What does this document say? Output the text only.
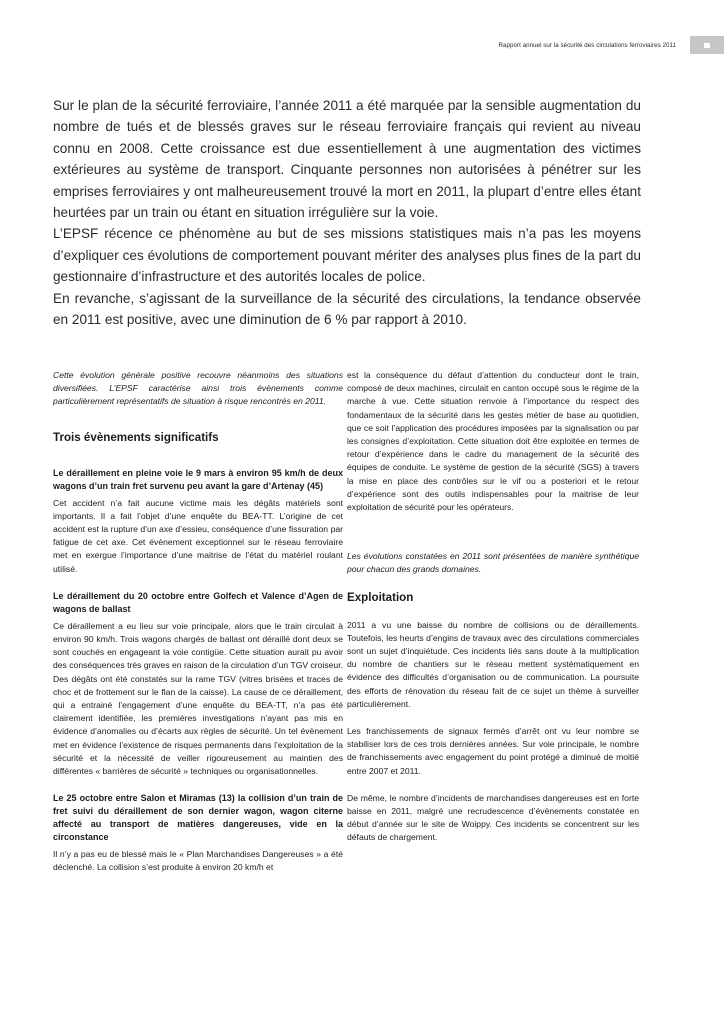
Rapport annuel sur la sécurité des circulations ferroviaires 2011

Sur le plan de la sécurité ferroviaire, l’année 2011 a été marquée par la sensible augmentation du nombre de tués et de blessés graves sur le réseau ferroviaire français qui revient au niveau connu en 2008. Cette croissance est due essentiellement à une augmentation des victimes extérieures au système de transport. Cinquante personnes non autorisées à pénétrer sur les emprises ferroviaires y ont malheureusement trouvé la mort en 2011, la plupart d’entre elles étant heurtées par un train ou étant en situation irrégulière sur la voie.

L’EPSF récence ce phénomène au but de ses missions statistiques mais n’a pas les moyens d’expliquer ces évolutions de comportement pouvant mériter des analyses plus fines de la part du gestionnaire d’infrastructure et des autorités locales de police.

En revanche, s’agissant de la surveillance de la sécurité des circulations, la tendance observée en 2011 est positive, avec une diminution de 6 % par rapport à 2010.

Cette évolution générale positive recouvre néanmoins des situations diversifiées. L’EPSF caractérise ainsi trois évènements comme particulièrement représentatifs de situation à risque rencontrés en 2011.

Trois évènements significatifs
Le déraillement en pleine voie le 9 mars à environ 95 km/h de deux wagons d’un train fret survenu peu avant la gare d’Artenay (45)

Cet accident n’a fait aucune victime mais les dégâts matériels sont importants. Il a fait l’objet d’une enquête du BEA-TT. L’origine de cet accident est la rupture d’un axe d’essieu, conséquence d’une fissuration par fatigue de cet axe. Cet évènement exceptionnel sur le réseau ferroviaire met en exergue l’importance d’une maitrise de l’état du matériel roulant utilisé.

Le déraillement du 20 octobre entre Golfech et Valence d’Agen de wagons de ballast

Ce déraillement a eu lieu sur voie principale, alors que le train circulait à environ 90 km/h. Trois wagons chargés de ballast ont déraillé dont deux se sont couchés en engageant la voie contigüe. Cette situation aurait pu avoir des conséquences très graves en raison de la circulation d’un TGV croiseur. Des dégâts ont été constatés sur la rame TGV (vitres brisées et traces de choc et de frottement sur le flan de la caisse). La cause de ce déraillement, qui a entrainé l’engagement d’une enquête du BEA-TT, n’a pas été clairement identifiée, les premières investigations n’ayant pas mis en évidence d’anomalies ou d’écarts aux règles de sécurité. Un tel évènement met en évidence l’existence de risques permanents dans l’exploitation de la sécurité et la nécessité de veiller rigoureusement au maintien des différentes « barrières de sécurité » techniques ou organisationnelles.

Le 25 octobre entre Salon et Miramas (13) la collision d’un train de fret suivi du déraillement de son dernier wagon, wagon citerne affecté au transport de matières dangereuses, vide en la circonstance

Il n’y a pas eu de blessé mais le « Plan Marchandises Dangereuses » a été déclenché. La collision s’est produite à environ 20 km/h et

est la conséquence du défaut d’attention du conducteur dont le train, composé de deux machines, circulait en canton occupé sous le régime de la marche à vue. Cette situation renvoie à l’importance du respect des fondamentaux de la sécurité dans les gestes métier de base au quotidien, que ce soit l’application des procédures imposées par la signalisation ou par les consignes d’exploitation. Cette situation doit être exploitée en termes de retour d’expérience dans le cadre du management de la sécurité des équipes de conduite. Le système de gestion de la sécurité (SGS) à travers la mise en place des contrôles sur le vif ou a posteriori et le retour d’expérience sont des outils indispensables pour la maitrise de leur exploitation de sécurité pour les opérateurs.

Les évolutions constatées en 2011 sont présentées de manière synthétique pour chacun des grands domaines.

Exploitation

2011 a vu une baisse du nombre de collisions ou de déraillements. Toutefois, les heurts d’engins de travaux avec des circulations commerciales sont un sujet d’inquiétude. Ces incidents liés sans doute à la multiplication du nombre de chantiers sur le réseau mettent systématiquement en évidence des difficultés d’organisation ou de communication. La poursuite des efforts de rénovation du réseau fait de ce sujet un thème à surveiller particulièrement.

Les franchissements de signaux fermés d’arrêt ont vu leur nombre se stabiliser lors de ces trois dernières années. Sur voie principale, le nombre de franchissements avec engagement du point protégé a diminué de moitié entre 2007 et 2011.

De même, le nombre d’incidents de marchandises dangereuses est en forte baisse en 2011, malgré une recrudescence d’évènements constatée en début d’année sur le site de Woippy. Ces incidents se concentrent sur les défauts de chargement.
